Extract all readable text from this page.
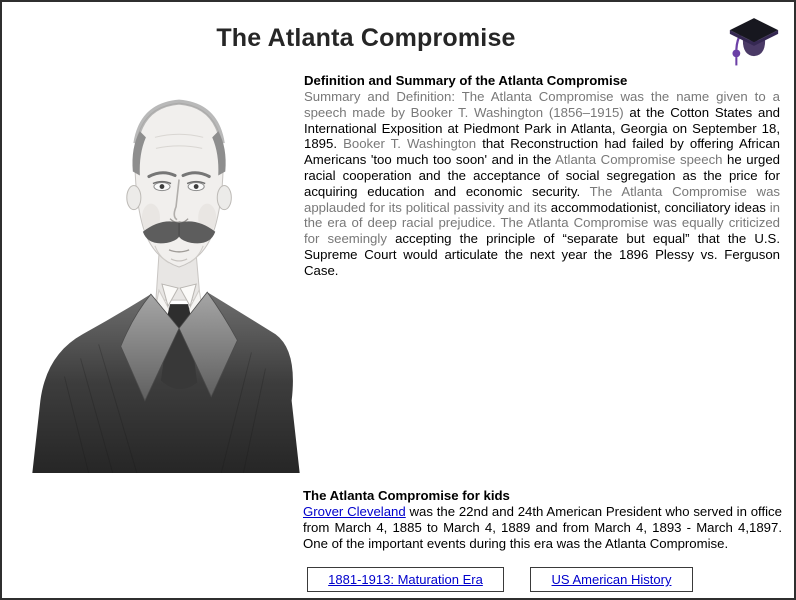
The Atlanta Compromise
Definition and Summary of the Atlanta Compromise

Summary and Definition: The Atlanta Compromise was the name given to a speech made by Booker T. Washington (1856–1915) at the Cotton States and International Exposition at Piedmont Park in Atlanta, Georgia on September 18, 1895. Booker T. Washington that Reconstruction had failed by offering African Americans 'too much too soon' and in the Atlanta Compromise speech he urged racial cooperation and the acceptance of social segregation as the price for acquiring education and economic security. The Atlanta Compromise was applauded for its political passivity and its accommodationist, conciliatory ideas in the era of deep racial prejudice. The Atlanta Compromise was equally criticized for seemingly accepting the principle of “separate but equal” that the U.S. Supreme Court would articulate the next year the 1896 Plessy vs. Ferguson Case.

The Atlanta Compromise for kids

Grover Cleveland was the 22nd and 24th American President who served in office from March 4, 1885 to March 4, 1889 and from March 4, 1893 - March 4,1897. One of the important events during this era was the Atlanta Compromise.

1881-1913: Maturation Era	US American History
